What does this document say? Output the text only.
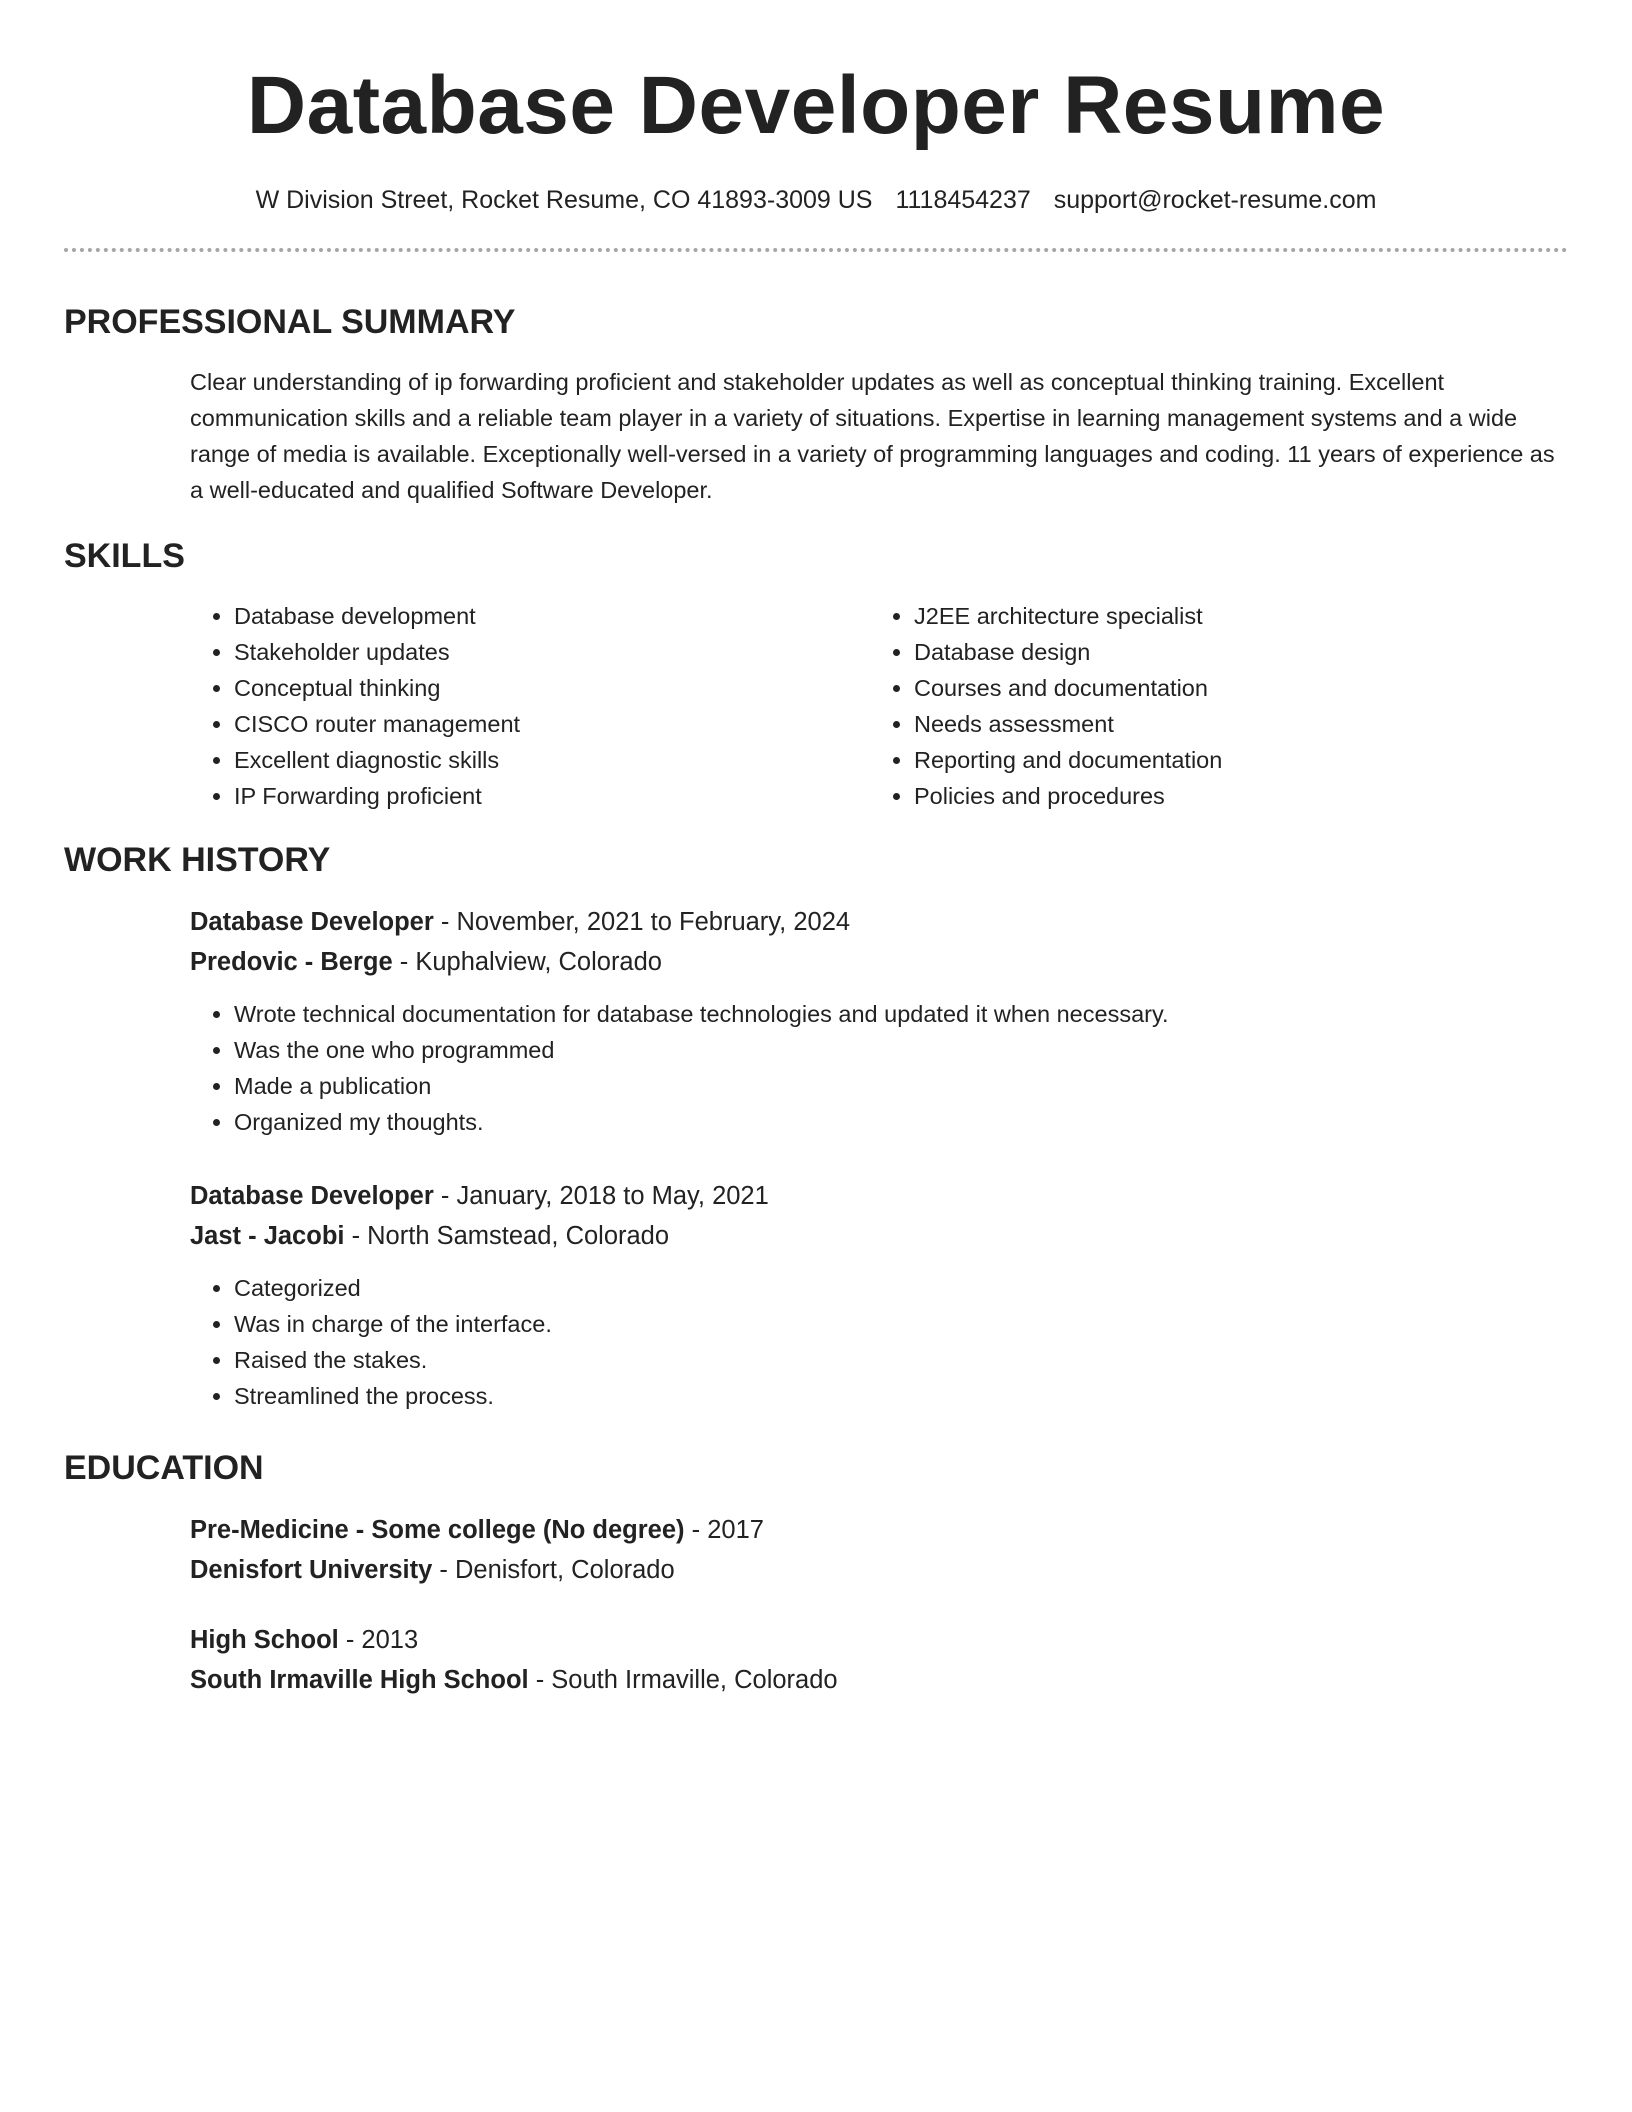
Database Developer Resume
W Division Street, Rocket Resume, CO 41893-3009 US 1118454237 support@rocket-resume.com
PROFESSIONAL SUMMARY

Clear understanding of ip forwarding proficient and stakeholder updates as well as conceptual thinking training. Excellent communication skills and a reliable team player in a variety of situations. Expertise in learning management systems and a wide range of media is available. Exceptionally well-versed in a variety of programming languages and coding. 11 years of experience as a well-educated and qualified Software Developer.

SKILLS
• Database development
• Stakeholder updates
• Conceptual thinking
• CISCO router management
• Excellent diagnostic skills
• IP Forwarding proficient
• J2EE architecture specialist
• Database design
• Courses and documentation
• Needs assessment
• Reporting and documentation
• Policies and procedures
WORK HISTORY
Database Developer - November, 2021 to February, 2024
Predovic - Berge - Kuphalview, Colorado
• Wrote technical documentation for database technologies and updated it when necessary.
• Was the one who programmed
• Made a publication
• Organized my thoughts.
Database Developer - January, 2018 to May, 2021
Jast - Jacobi - North Samstead, Colorado
• Categorized
• Was in charge of the interface.
• Raised the stakes.
• Streamlined the process.
EDUCATION
Pre-Medicine - Some college (No degree) - 2017
Denisfort University - Denisfort, Colorado
High School - 2013
South Irmaville High School - South Irmaville, Colorado
